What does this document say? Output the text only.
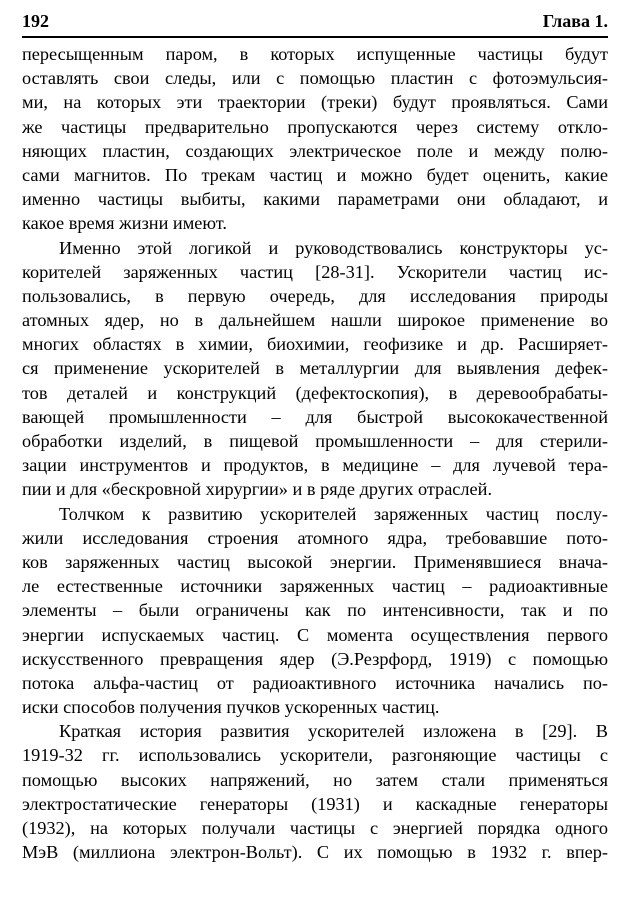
192	Глава 1.
пересыщенным паром, в которых испущенные частицы будут
оставлять свои следы, или с помощью пластин с фотоэмульсия-
ми, на которых эти траектории (треки) будут проявляться. Сами
же частицы предварительно пропускаются через систему откло-
няющих пластин, создающих электрическое поле и между полю-
сами магнитов. По трекам частиц и можно будет оценить, какие
именно частицы выбиты, какими параметрами они обладают, и
какое время жизни имеют.
Именно этой логикой и руководствовались конструкторы ус-
корителей заряженных частиц [28-31]. Ускорители частиц ис-
пользовались, в первую очередь, для исследования природы
атомных ядер, но в дальнейшем нашли широкое применение во
многих областях в химии, биохимии, геофизике и др. Расширяет-
ся применение ускорителей в металлургии для выявления дефек-
тов деталей и конструкций (дефектоскопия), в деревообрабаты-
вающей промышленности – для быстрой высококачественной
обработки изделий, в пищевой промышленности – для стерили-
зации инструментов и продуктов, в медицине – для лучевой тера-
пии и для «бескровной хирургии» и в ряде других отраслей.
Толчком к развитию ускорителей заряженных частиц послу-
жили исследования строения атомного ядра, требовавшие пото-
ков заряженных частиц высокой энергии. Применявшиеся внача-
ле естественные источники заряженных частиц – радиоактивные
элементы – были ограничены как по интенсивности, так и по
энергии испускаемых частиц. С момента осуществления первого
искусственного превращения ядер (Э.Резрфорд, 1919) с помощью
потока альфа-частиц от радиоактивного источника начались по-
иски способов получения пучков ускоренных частиц.
Краткая история развития ускорителей изложена в [29]. В
1919-32 гг. использовались ускорители, разгоняющие частицы с
помощью высоких напряжений, но затем стали применяться
электростатические генераторы (1931) и каскадные генераторы
(1932), на которых получали частицы с энергией порядка одного
МэВ (миллиона электрон-Вольт). С их помощью в 1932 г. впер-
